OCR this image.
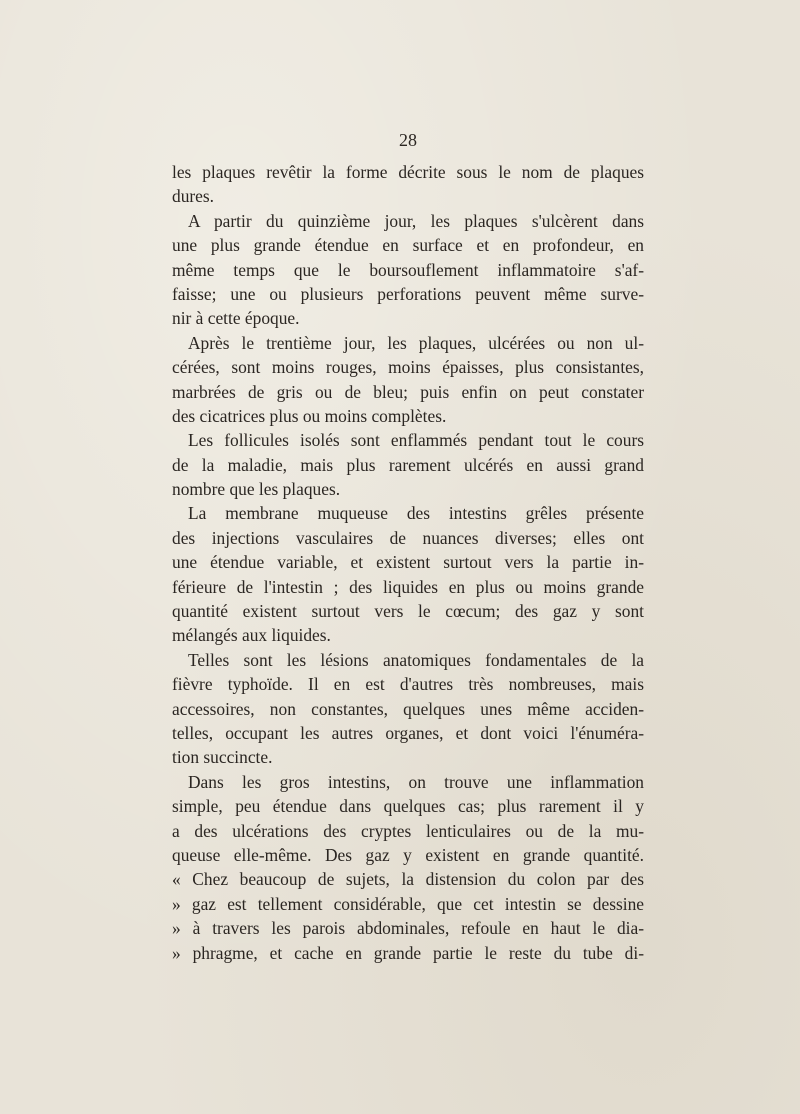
28
les plaques revêtir la forme décrite sous le nom de plaques
dures.
A partir du quinzième jour, les plaques s'ulcèrent dans
une plus grande étendue en surface et en profondeur, en
même temps que le boursouflement inflammatoire s'af-
faisse; une ou plusieurs perforations peuvent même surve-
nir à cette époque.
Après le trentième jour, les plaques, ulcérées ou non ul-
cérées, sont moins rouges, moins épaisses, plus consistantes,
marbrées de gris ou de bleu; puis enfin on peut constater
des cicatrices plus ou moins complètes.
Les follicules isolés sont enflammés pendant tout le cours
de la maladie, mais plus rarement ulcérés en aussi grand
nombre que les plaques.
La membrane muqueuse des intestins grêles présente
des injections vasculaires de nuances diverses; elles ont
une étendue variable, et existent surtout vers la partie in-
férieure de l'intestin ; des liquides en plus ou moins grande
quantité existent surtout vers le cœcum; des gaz y sont
mélangés aux liquides.
Telles sont les lésions anatomiques fondamentales de la
fièvre typhoïde. Il en est d'autres très nombreuses, mais
accessoires, non constantes, quelques unes même acciden-
telles, occupant les autres organes, et dont voici l'énuméra-
tion succincte.
Dans les gros intestins, on trouve une inflammation
simple, peu étendue dans quelques cas; plus rarement il y
a des ulcérations des cryptes lenticulaires ou de la mu-
queuse elle-même. Des gaz y existent en grande quantité.
« Chez beaucoup de sujets, la distension du colon par des
» gaz est tellement considérable, que cet intestin se dessine
» à travers les parois abdominales, refoule en haut le dia-
» phragme, et cache en grande partie le reste du tube di-
